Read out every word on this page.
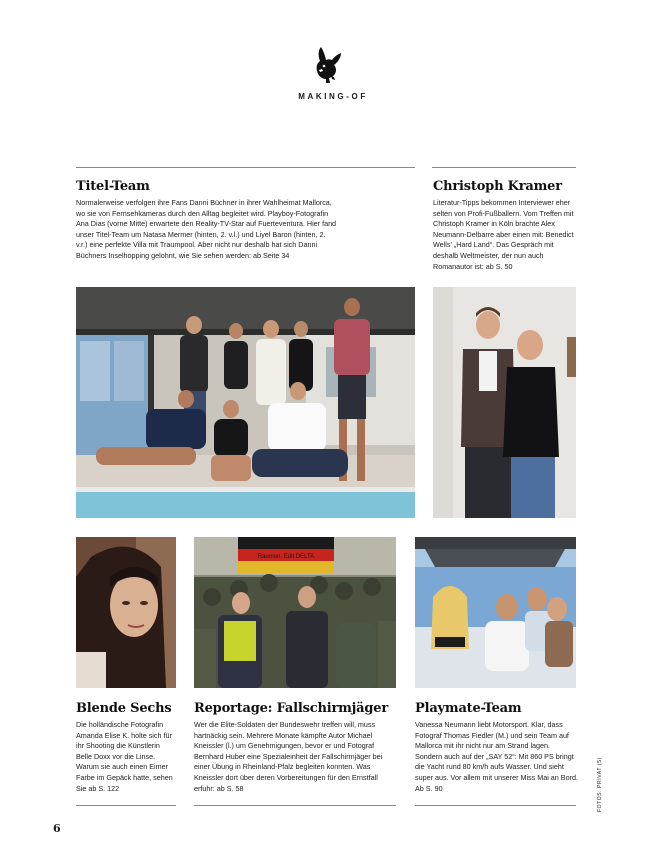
MAKING-OF
Titel-Team
Normalerweise verfolgen ihre Fans Danni Büchner in ihrer Wahlheimat Mallorca, wo sie von Fernsehkameras durch den Alltag begleitet wird. Playboy-Fotografin Ana Dias (vorne Mitte) erwartete den Reality-TV-Star auf Fuerteventura. Hier fand unser Titel-Team um Natasa Mermer (hinten, 2. v.l.) und Liyel Baron (hinten, 2. v.r.) eine perfekte Villa mit Traumpool. Aber nicht nur deshalb hat sich Danni Büchners Inselhopping gelohnt, wie Sie sehen werden: ab Seite 34
Christoph Kramer
Literatur-Tipps bekommen Interviewer eher selten von Profi-Fußballern. Vom Treffen mit Christoph Kramer in Köln brachte Alex Neumann-Delbarre aber einen mit: Benedict Wells' „Hard Land“. Das Gespräch mit deshalb Weltmeister, der nun auch Romanautor ist: ab S. 50
Raumon. Edit DELTA
Blende Sechs
Die holländische Fotografin Amanda Elise K. holte sich für ihr Shooting die Künstlerin Belle Doxx vor die Linse. Warum sie auch einen Eimer Farbe im Gepäck hatte, sehen Sie ab S. 122
Reportage: Fallschirmjäger
Wer die Elite-Soldaten der Bundeswehr treffen will, muss hartnäckig sein. Mehrere Monate kämpfte Autor Michael Kneissler (l.) um Genehmigungen, bevor er und Fotograf Bernhard Huber eine Spezialeinheit der Fallschirmjäger bei einer Übung in Rheinland-Pfalz begleiten konnten. Was Kneissler dort über deren Vorbereitungen für den Ernstfall erfuhr: ab S. 58
Playmate-Team
Vanessa Neumann liebt Motorsport. Klar, dass Fotograf Thomas Fiedler (M.) und sein Team auf Mallorca mit ihr nicht nur am Strand lagen. Sondern auch auf der „SAY 52“: Mit 860 PS bringt die Yacht rund 80 km/h aufs Wasser. Und sieht super aus. Vor allem mit unserer Miss Mai an Bord. Ab S. 90
6
FOTOS: PRIVAT (5)
